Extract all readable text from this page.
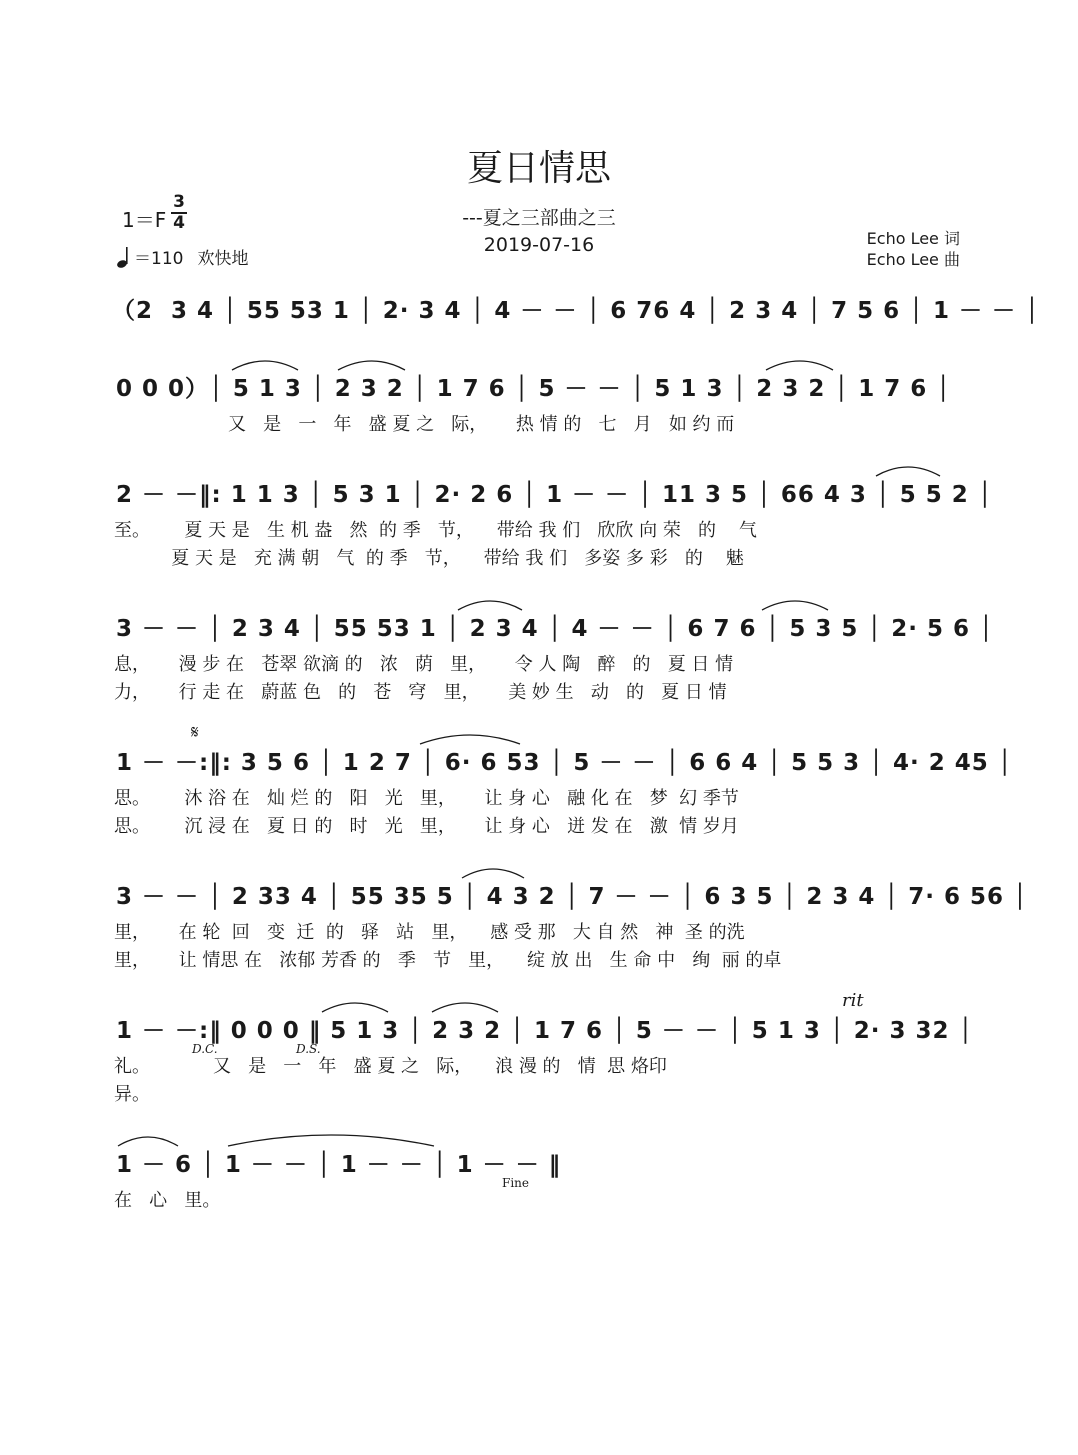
夏日情思
---夏之三部曲之三
2019-07-16
1＝F
3
4
＝110 欢快地
Echo Lee 词
Echo Lee 曲
（2  3 4 │ 55 53 1 │ 2· 3 4 │ 4 － － │ 6 76 4 │ 2 3 4 │ 7 5 6 │ 1 － － │
0 0 0）│ 5 1 3 │ 2 3 2 │ 1 7 6 │ 5 － － │ 5 1 3 │ 2 3 2 │ 1 7 6 │
又   是   一   年   盛 夏 之   际，     热 情 的   七   月   如 约 而
2 － －‖: 1 1 3 │ 5 3 1 │ 2· 2 6 │ 1 － － │ 11 3 5 │ 66 4 3 │ 5 5 2 │
至。      夏 天 是   生 机 盎   然  的 季   节，    带给 我 们   欣欣 向 荣   的    气
夏 天 是   充 满 朝   气  的 季   节，    带给 我 们   多姿 多 彩   的    魅
3 － － │ 2 3 4 │ 55 53 1 │ 2 3 4 │ 4 － － │ 6 7 6 │ 5 3 5 │ 2· 5 6 │
息，     漫 步 在   苍翠 欲滴 的   浓   荫   里，     令 人 陶   醉   的   夏 日 情
力，     行 走 在   蔚蓝 色   的   苍   穹   里，     美 妙 生   动   的   夏 日 情
𝄋
1 － －:‖: 3 5 6 │ 1 2 7 │ 6· 6 53 │ 5 － － │ 6 6 4 │ 5 5 3 │ 4· 2 45 │
思。      沐 浴 在   灿 烂 的   阳   光   里，     让 身 心   融 化 在   梦  幻 季节
思。      沉 浸 在   夏 日 的   时   光   里，     让 身 心   迸 发 在   激  情 岁月
3 － － │ 2 33 4 │ 55 35 5 │ 4 3 2 │ 7 － － │ 6 3 5 │ 2 3 4 │ 7· 6 56 │
里，     在 轮  回   变  迁  的   驿   站   里，    感 受 那   大 自 然   神  圣 的洗
里，     让 情思 在   浓郁 芳香 的   季   节   里，    绽 放 出   生 命 中   绚  丽 的卓
rit
1 － －:‖ 0 0 0 ‖ 5 1 3 │ 2 3 2 │ 1 7 6 │ 5 － － │ 5 1 3 │ 2· 3 32 │
D.C.	D.S.
礼。           又   是   一   年   盛 夏 之   际，    浪 漫 的   情  思 烙印
异。
1 － 6 │ 1 － － │ 1 － － │ 1 － － ‖
Fine
在   心   里。
